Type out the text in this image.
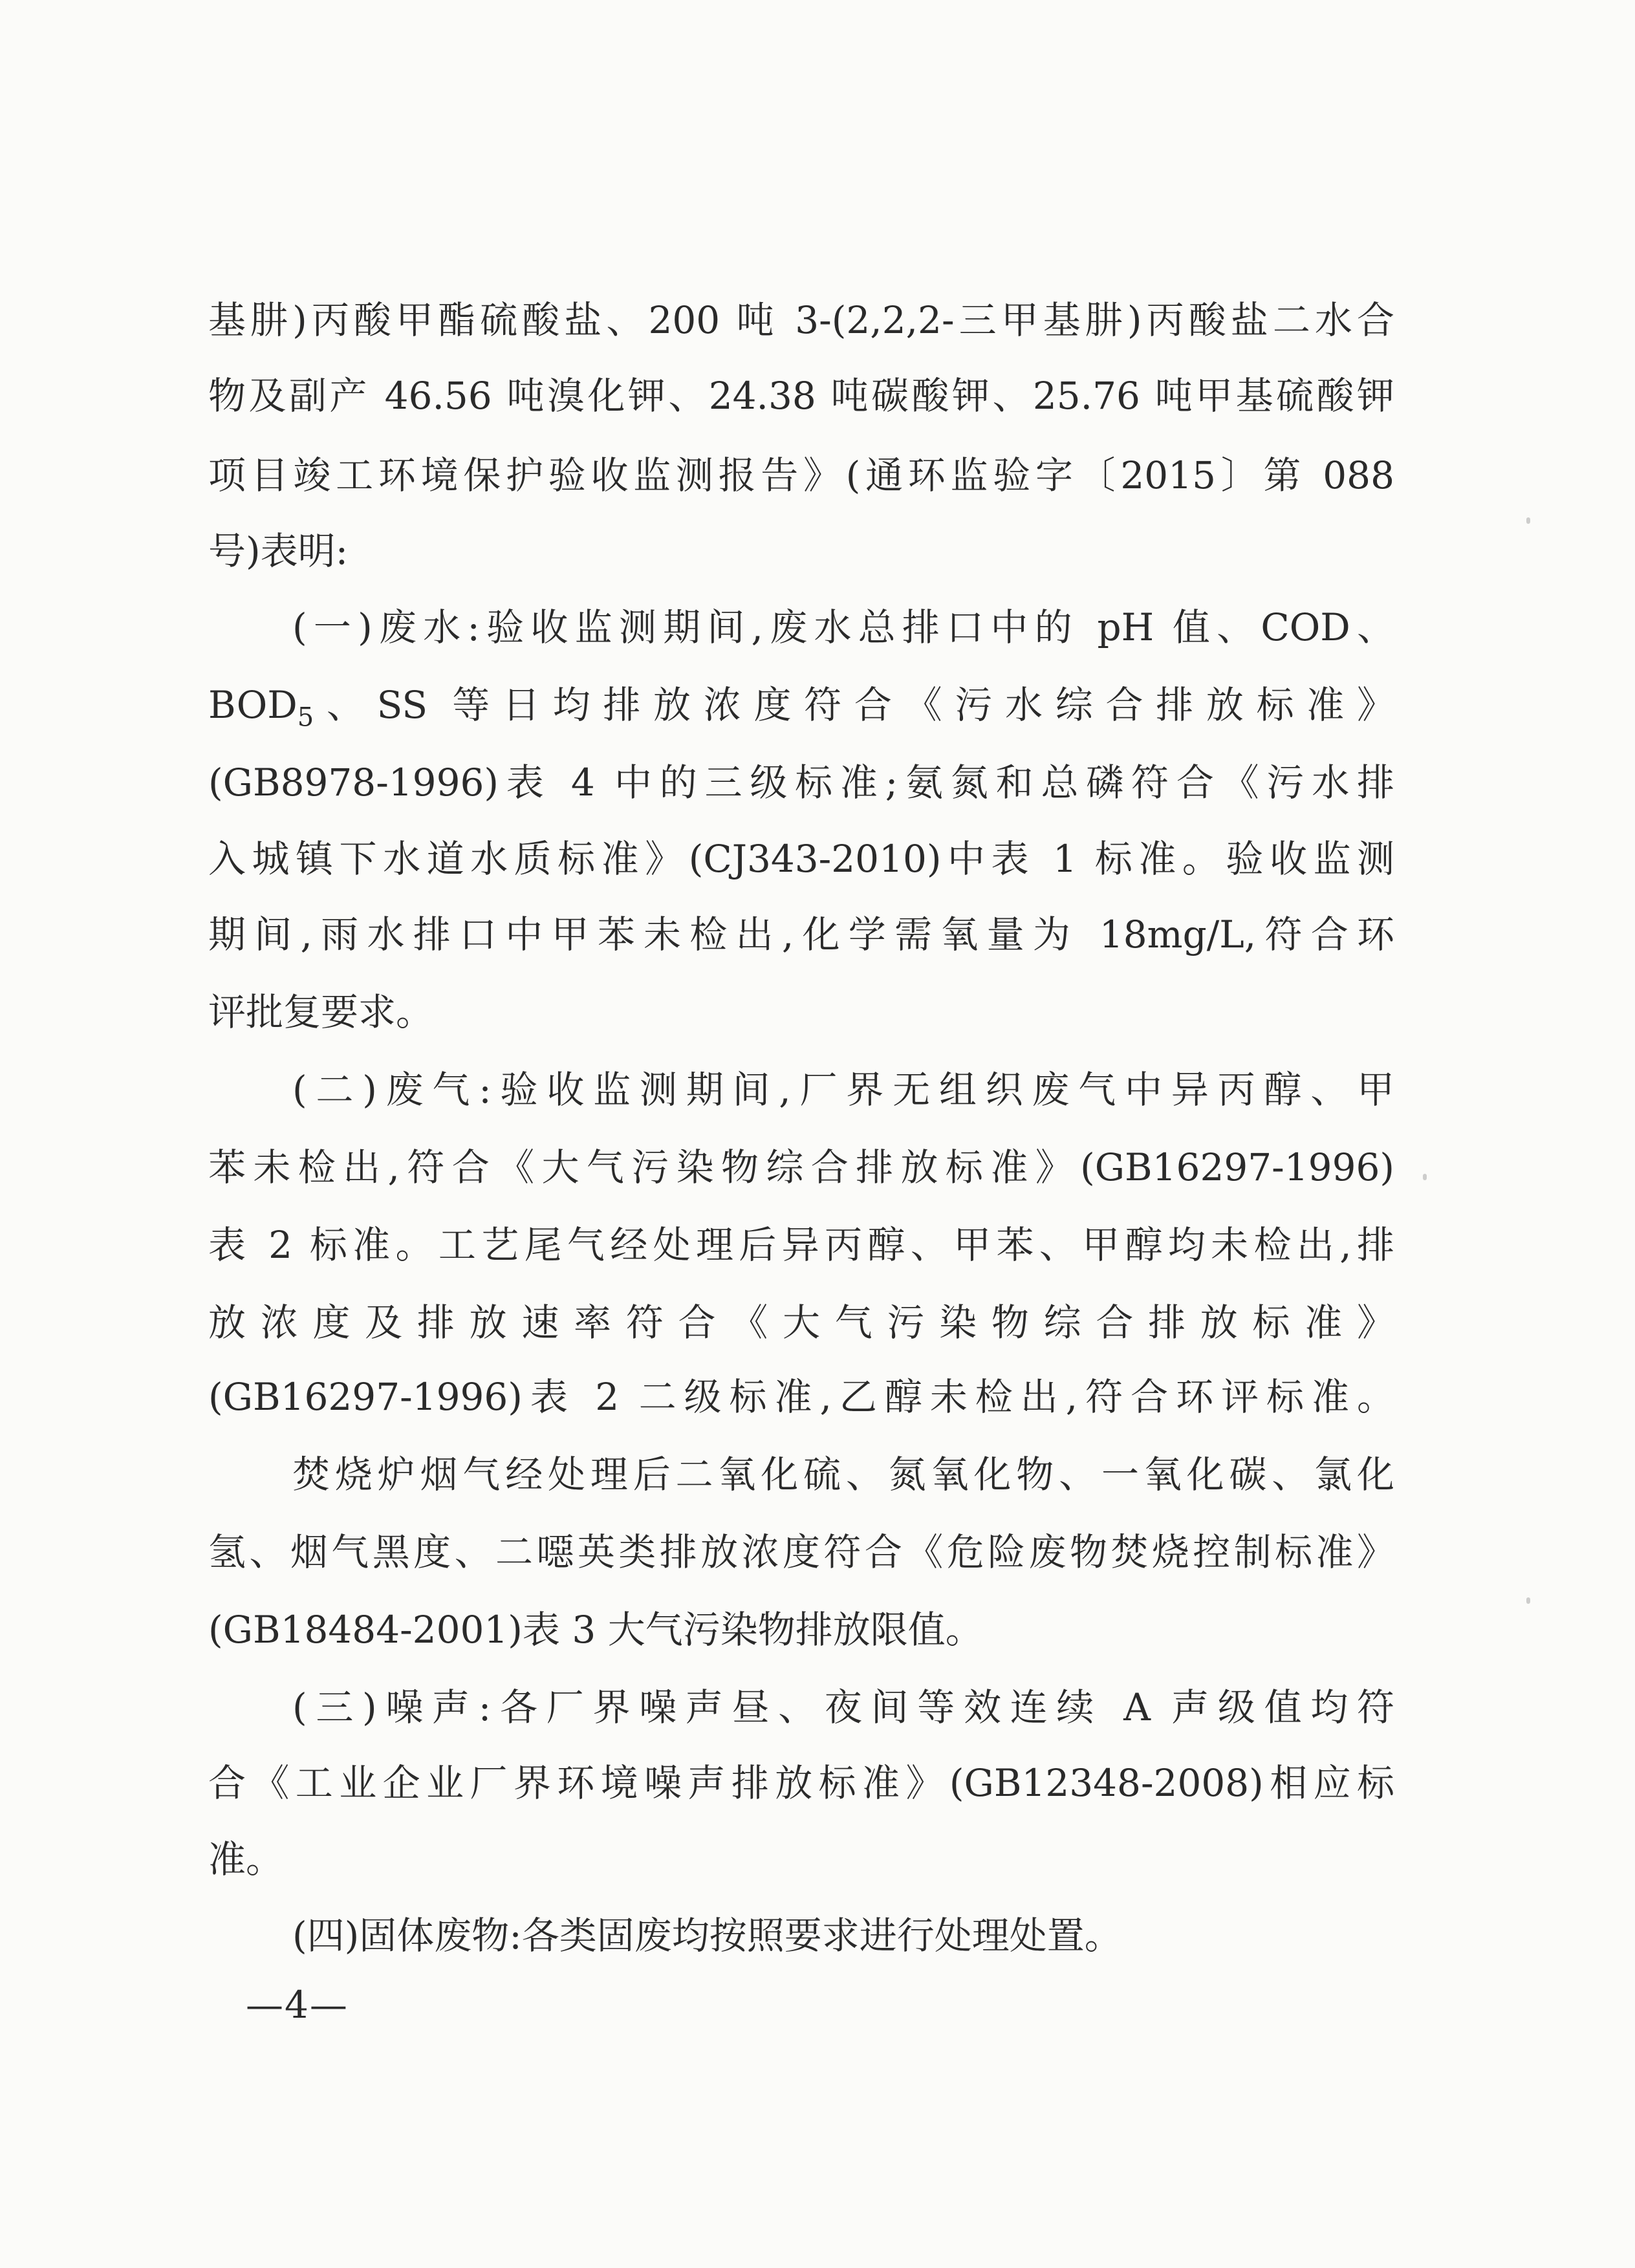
基肼)丙酸甲酯硫酸盐、200 吨 3-(2,2,2-三甲基肼)丙酸盐二水合
物及副产 46.56 吨溴化钾、24.38 吨碳酸钾、25.76 吨甲基硫酸钾
项目竣工环境保护验收监测报告》(通环监验字〔2015〕第 088
号)表明:
(一)废水:验收监测期间,废水总排口中的 pH 值、COD、
$BOD_5$、SS 等日均排放浓度符合《污水综合排放标准》
(GB8978-1996)表 4 中的三级标准;氨氮和总磷符合《污水排
入城镇下水道水质标准》(CJ343-2010)中表 1 标准。验收监测
期间,雨水排口中甲苯未检出,化学需氧量为 18mg/L,符合环
评批复要求。
(二)废气:验收监测期间,厂界无组织废气中异丙醇、甲
苯未检出,符合《大气污染物综合排放标准》(GB16297-1996)
表 2 标准。工艺尾气经处理后异丙醇、甲苯、甲醇均未检出,排
放浓度及排放速率符合《大气污染物综合排放标准》
(GB16297-1996)表 2 二级标准,乙醇未检出,符合环评标准。
焚烧炉烟气经处理后二氧化硫、氮氧化物、一氧化碳、氯化
氢、烟气黑度、二噁英类排放浓度符合《危险废物焚烧控制标准》
(GB18484-2001)表 3 大气污染物排放限值。
(三)噪声:各厂界噪声昼、夜间等效连续 A 声级值均符
合《工业企业厂界环境噪声排放标准》(GB12348-2008)相应标
准。
(四)固体废物:各类固废均按照要求进行处理处置。
—4—
